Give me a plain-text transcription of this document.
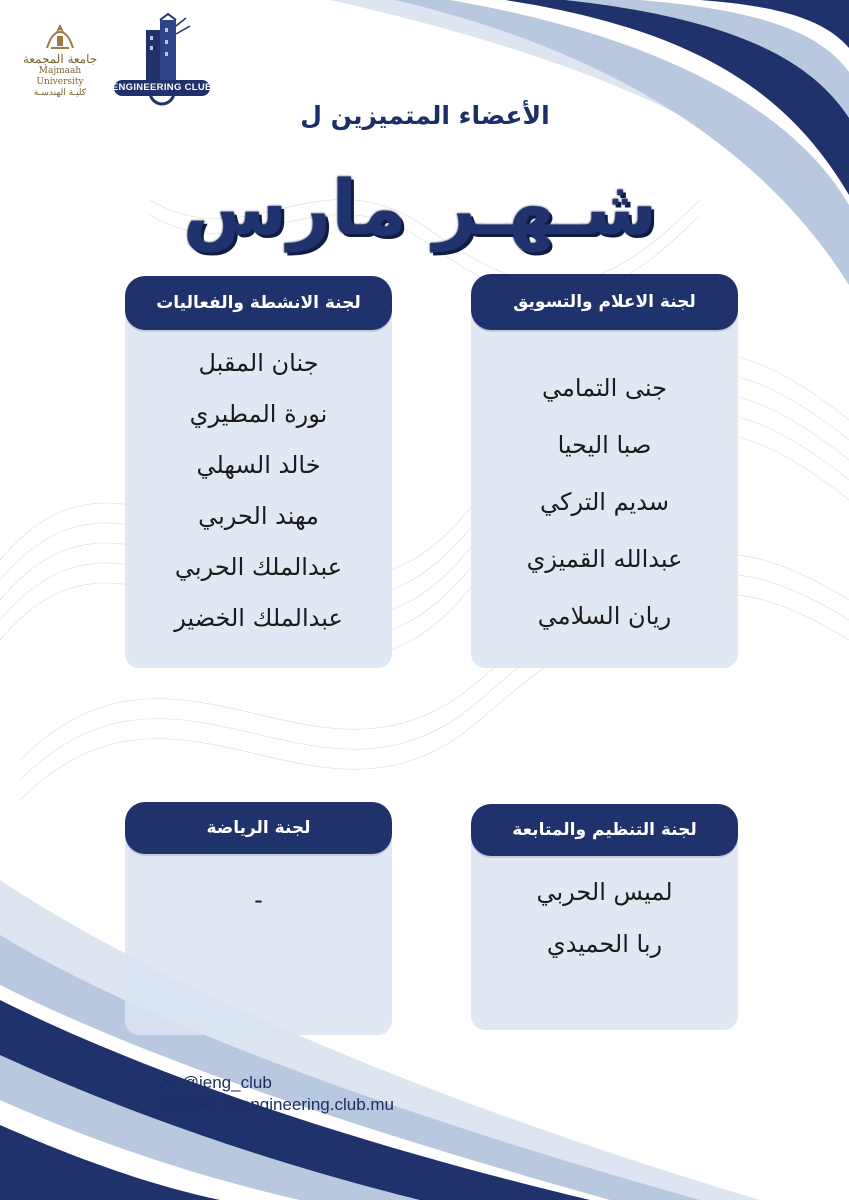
جامعة المجمعة
Majmaah University
كليـة الهندسـة	ENGINEERING CLUB
الأعضاء المتميزين ل
شـهـر مارس
جنى التمامي
صبا اليحيا
سديم التركي
عبدالله القميزي
ريان السلامي
لجنة الاعلام والتسويق
جنان المقبل
نورة المطيري
خالد السهلي
مهند الحربي
عبدالملك الحربي
عبدالملك الخضير
لجنة الانشطة والفعاليات
لميس الحربي
ربا الحميدي
لجنة التنظيم والمتابعة
-
لجنة الرياضة
X: @ieng_club
TikTok: @engineering.club.mu
